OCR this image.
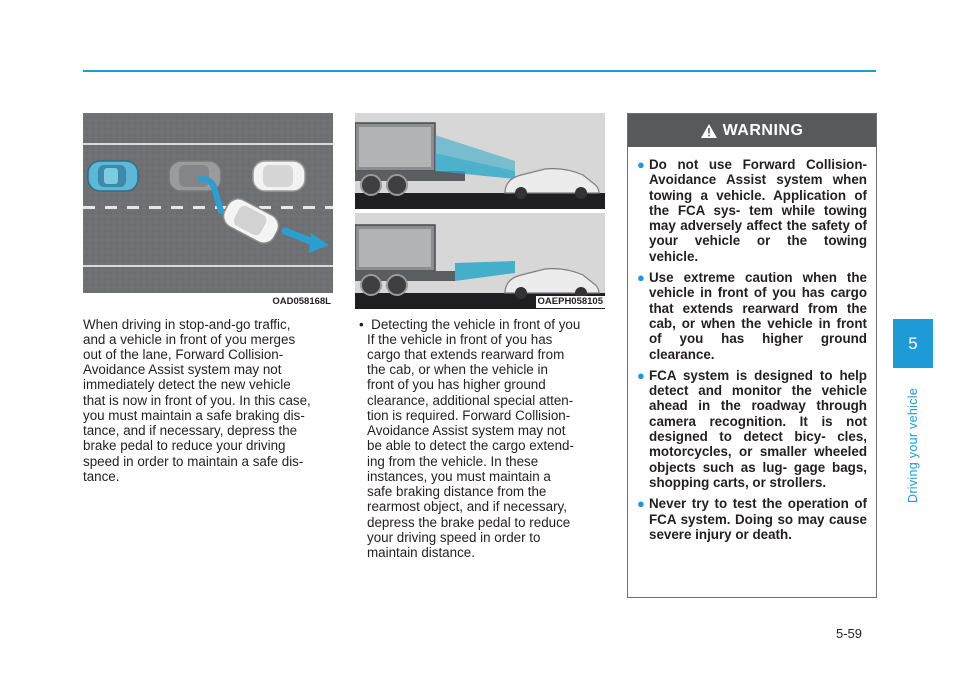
OAD058168L	OAEPH058105
When driving in stop-and-go traffic,
and a vehicle in front of you merges
out of the lane, Forward Collision-
Avoidance Assist system may not
immediately detect the new vehicle
that is now in front of you. In this case,
you must maintain a safe braking dis-
tance, and if necessary, depress the
brake pedal to reduce your driving
speed in order to maintain a safe dis-
tance.
• Detecting the vehicle in front of you
If the vehicle in front of you has
cargo that extends rearward from
the cab, or when the vehicle in
front of you has higher ground
clearance, additional special atten-
tion is required. Forward Collision-
Avoidance Assist system may not
be able to detect the cargo extend-
ing from the vehicle. In these
instances, you must maintain a
safe braking distance from the
rearmost object, and if necessary,
depress the brake pedal to reduce
your driving speed in order to
maintain distance.
WARNING
● Do not use Forward Collision- Avoidance Assist system when towing a vehicle. Application of the FCA sys- tem while towing may adversely affect the safety of your vehicle or the towing vehicle.
● Use extreme caution when the vehicle in front of you has cargo that extends rearward from the cab, or when the vehicle in front of you has higher ground clearance.
● FCA system is designed to help detect and monitor the vehicle ahead in the roadway through camera recognition. It is not designed to detect bicy- cles, motorcycles, or smaller wheeled objects such as lug- gage bags, shopping carts, or strollers.
● Never try to test the operation of FCA system. Doing so may cause severe injury or death.
5
Driving your vehicle
5-59
